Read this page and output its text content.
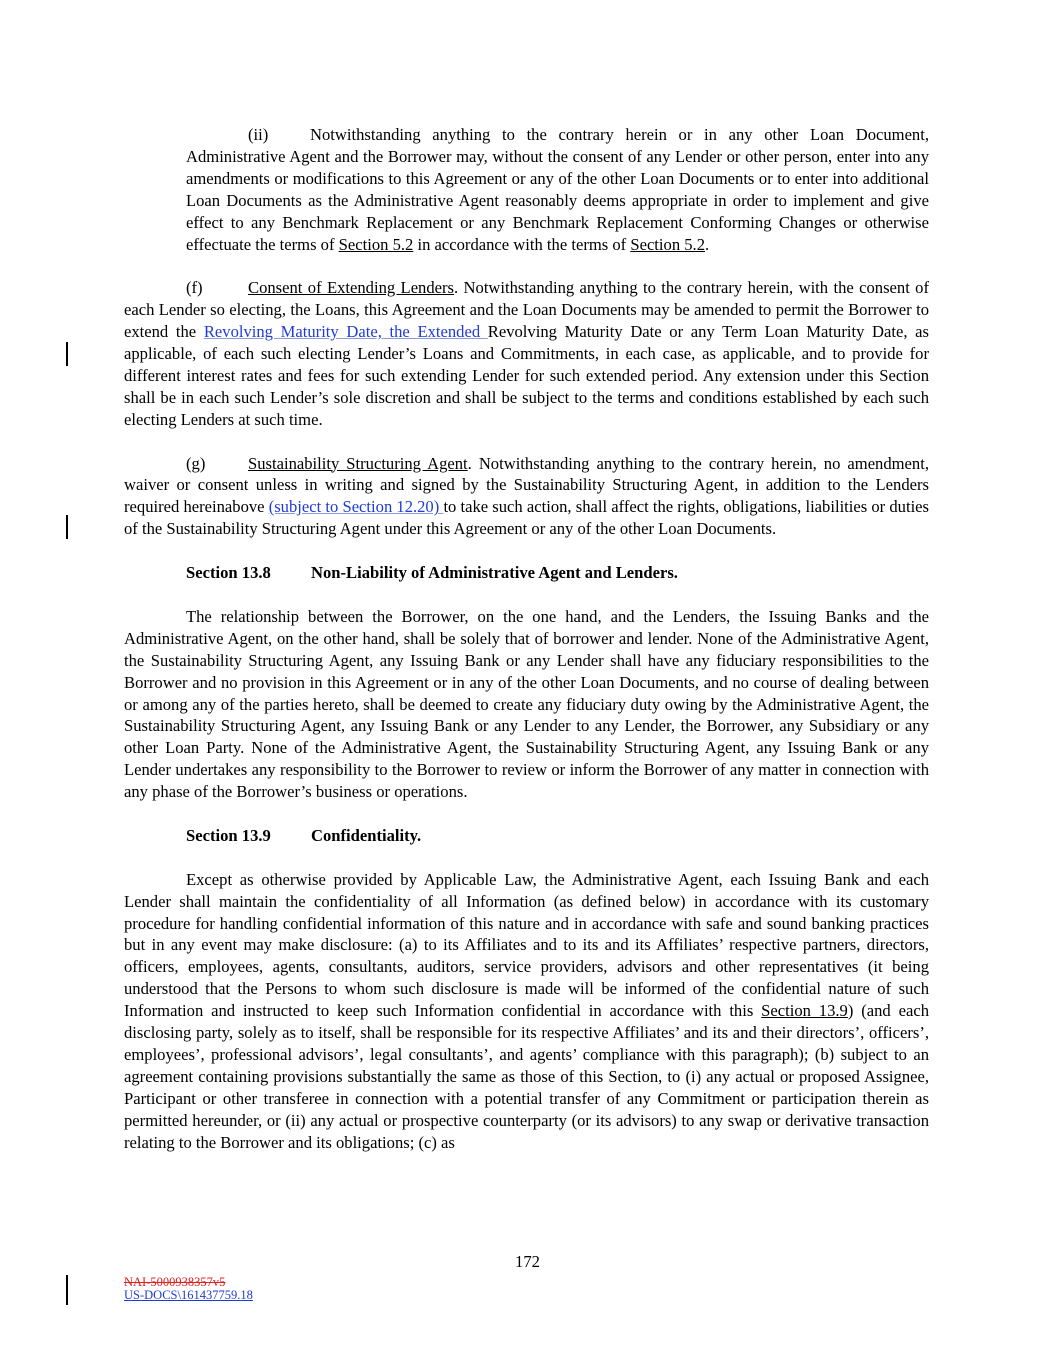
(ii)	Notwithstanding anything to the contrary herein or in any other Loan Document, Administrative Agent and the Borrower may, without the consent of any Lender or other person, enter into any amendments or modifications to this Agreement or any of the other Loan Documents or to enter into additional Loan Documents as the Administrative Agent reasonably deems appropriate in order to implement and give effect to any Benchmark Replacement or any Benchmark Replacement Conforming Changes or otherwise effectuate the terms of Section 5.2 in accordance with the terms of Section 5.2.

(f)	Consent of Extending Lenders. Notwithstanding anything to the contrary herein, with the consent of each Lender so electing, the Loans, this Agreement and the Loan Documents may be amended to permit the Borrower to extend the Revolving Maturity Date, the Extended Revolving Maturity Date or any Term Loan Maturity Date, as applicable, of each such electing Lender’s Loans and Commitments, in each case, as applicable, and to provide for different interest rates and fees for such extending Lender for such extended period. Any extension under this Section shall be in each such Lender’s sole discretion and shall be subject to the terms and conditions established by each such electing Lenders at such time.

(g)	Sustainability Structuring Agent. Notwithstanding anything to the contrary herein, no amendment, waiver or consent unless in writing and signed by the Sustainability Structuring Agent, in addition to the Lenders required hereinabove (subject to Section 12.20) to take such action, shall affect the rights, obligations, liabilities or duties of the Sustainability Structuring Agent under this Agreement or any of the other Loan Documents.

Section 13.8 Non-Liability of Administrative Agent and Lenders.

The relationship between the Borrower, on the one hand, and the Lenders, the Issuing Banks and the Administrative Agent, on the other hand, shall be solely that of borrower and lender. None of the Administrative Agent, the Sustainability Structuring Agent, any Issuing Bank or any Lender shall have any fiduciary responsibilities to the Borrower and no provision in this Agreement or in any of the other Loan Documents, and no course of dealing between or among any of the parties hereto, shall be deemed to create any fiduciary duty owing by the Administrative Agent, the Sustainability Structuring Agent, any Issuing Bank or any Lender to any Lender, the Borrower, any Subsidiary or any other Loan Party. None of the Administrative Agent, the Sustainability Structuring Agent, any Issuing Bank or any Lender undertakes any responsibility to the Borrower to review or inform the Borrower of any matter in connection with any phase of the Borrower’s business or operations.

Section 13.9 Confidentiality.

Except as otherwise provided by Applicable Law, the Administrative Agent, each Issuing Bank and each Lender shall maintain the confidentiality of all Information (as defined below) in accordance with its customary procedure for handling confidential information of this nature and in accordance with safe and sound banking practices but in any event may make disclosure: (a) to its Affiliates and to its and its Affiliates’ respective partners, directors, officers, employees, agents, consultants, auditors, service providers, advisors and other representatives (it being understood that the Persons to whom such disclosure is made will be informed of the confidential nature of such Information and instructed to keep such Information confidential in accordance with this Section 13.9) (and each disclosing party, solely as to itself, shall be responsible for its respective Affiliates’ and its and their directors’, officers’, employees’, professional advisors’, legal consultants’, and agents’ compliance with this paragraph); (b) subject to an agreement containing provisions substantially the same as those of this Section, to (i) any actual or proposed Assignee, Participant or other transferee in connection with a potential transfer of any Commitment or participation therein as permitted hereunder, or (ii) any actual or prospective counterparty (or its advisors) to any swap or derivative transaction relating to the Borrower and its obligations; (c) as

172
NAI-5000938357v5
US-DOCS\161437759.18
